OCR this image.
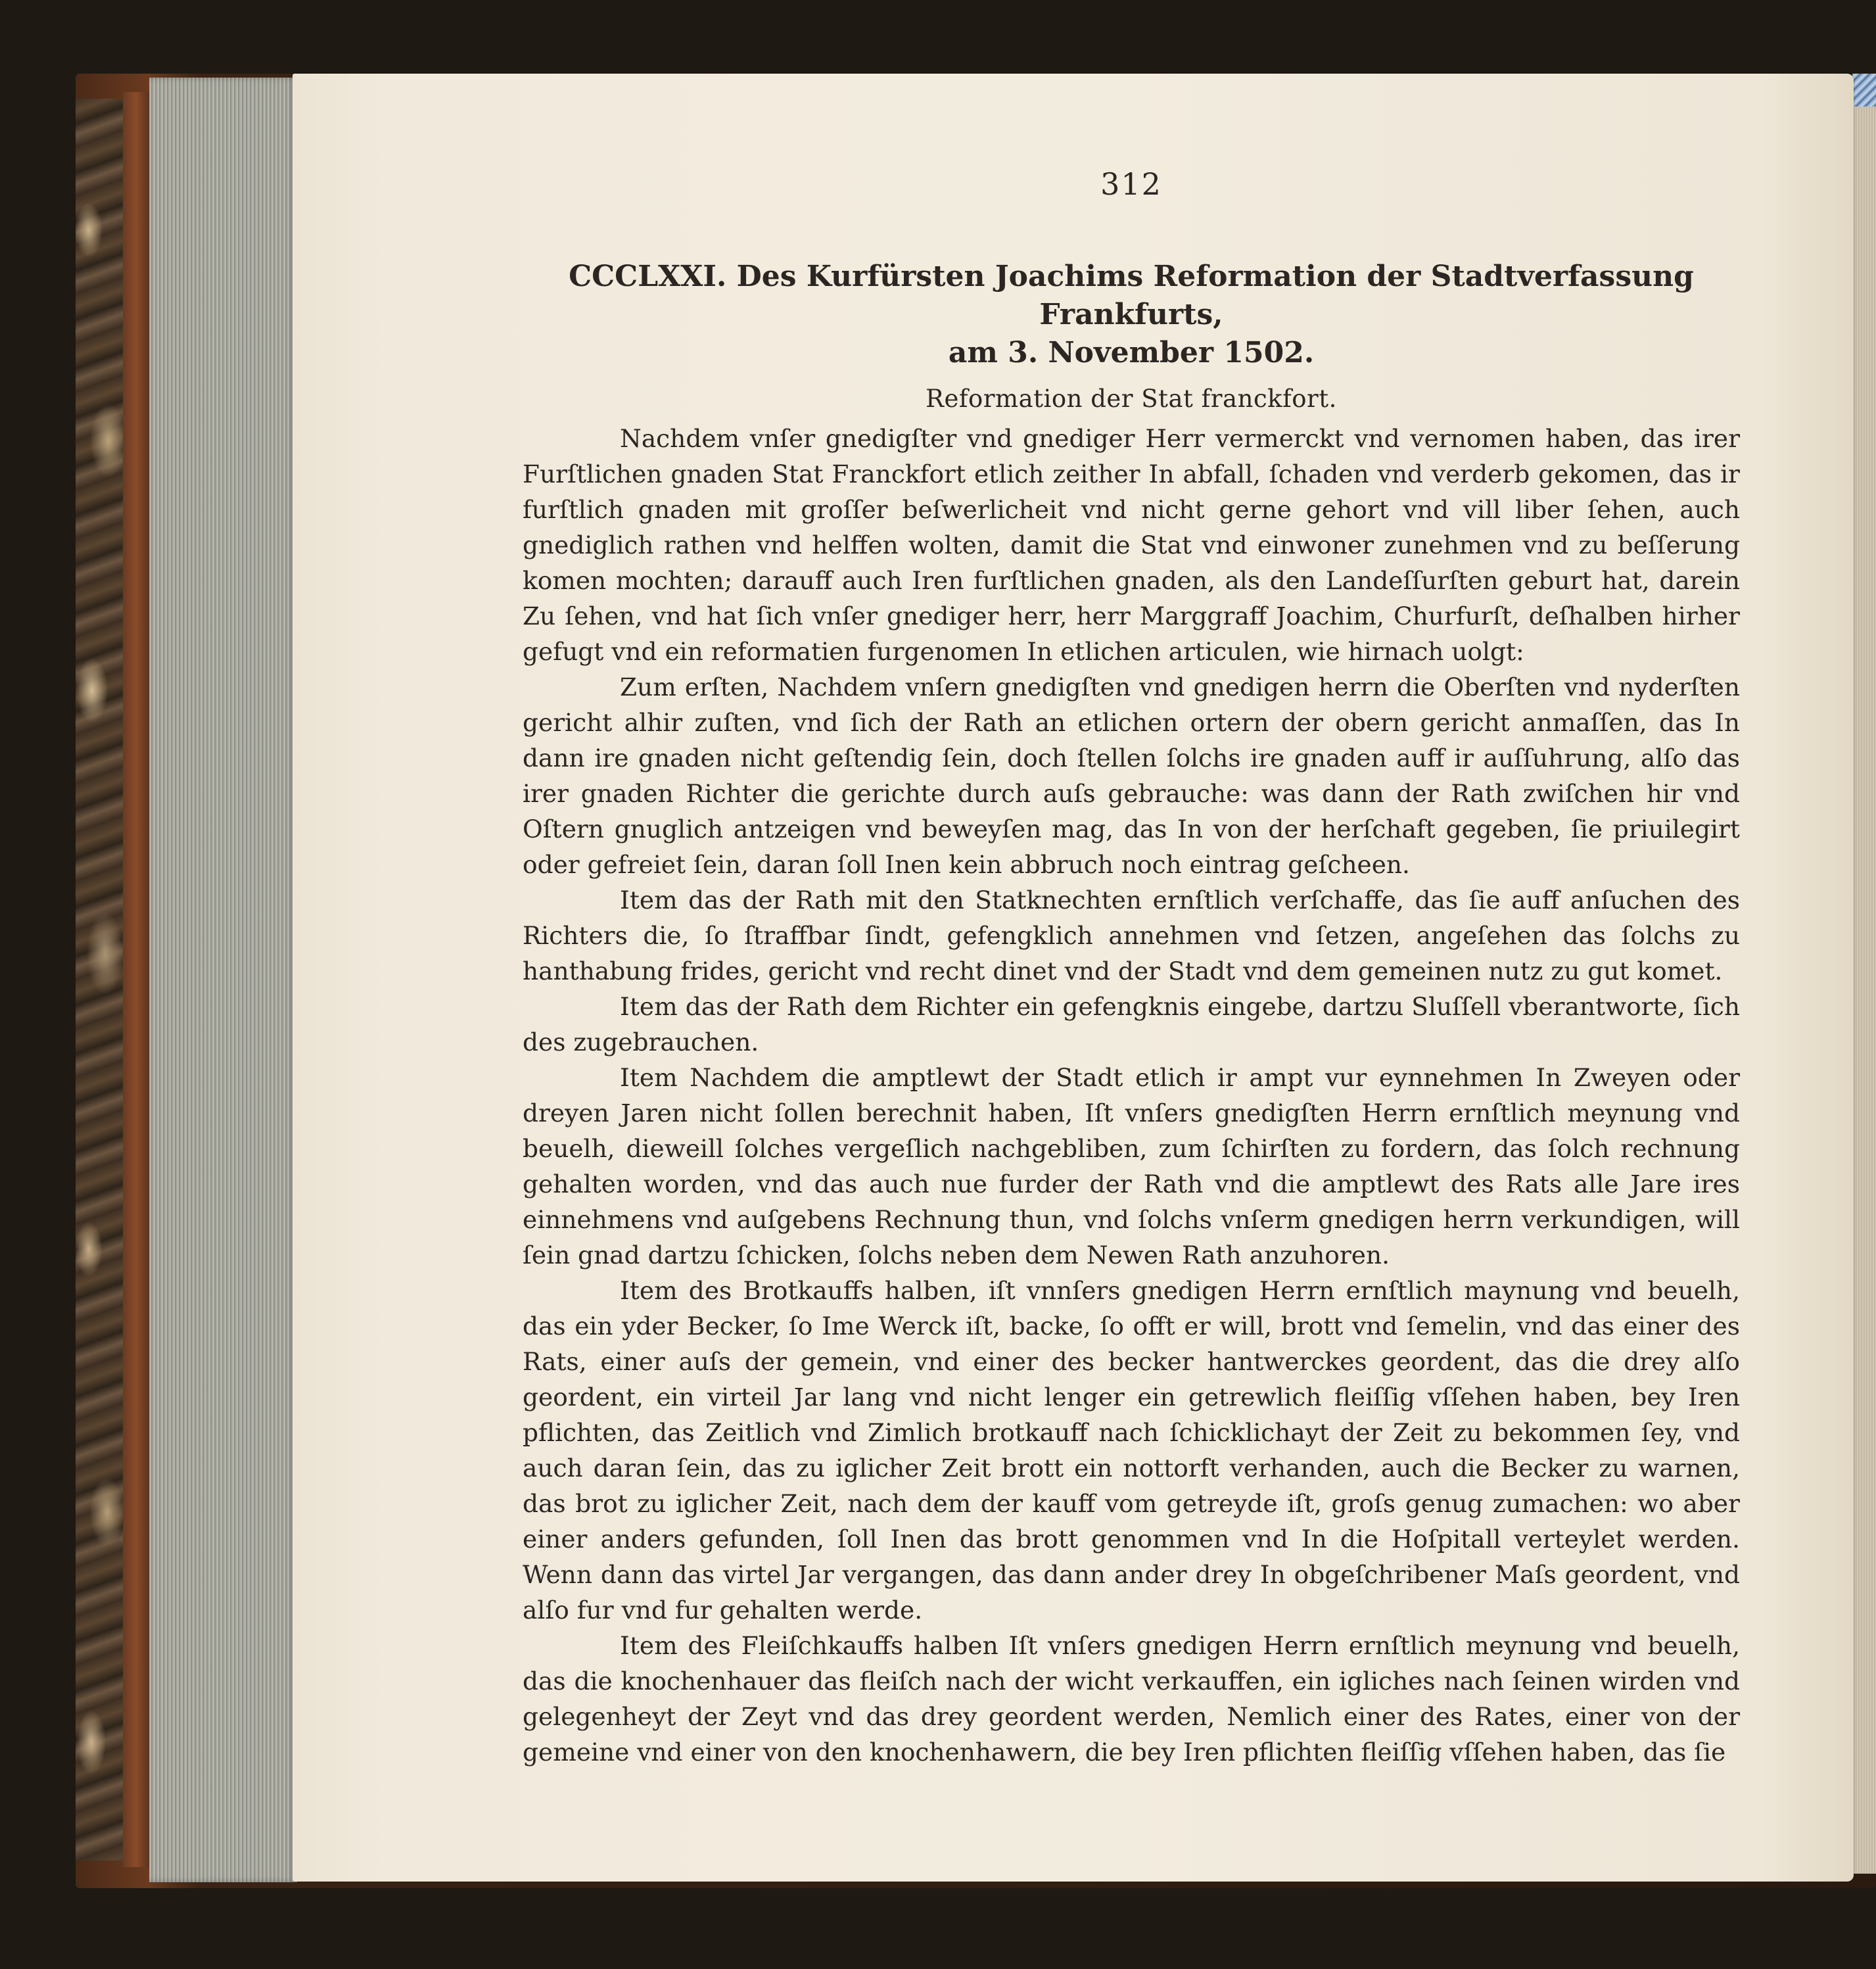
312
CCCLXXI. Des Kurfürsten Joachims Reformation der Stadtverfassung Frankfurts,
am 3. November 1502.
Reformation der Stat franckfort.

Nachdem vnſer gnedigſter vnd gnediger Herr vermerckt vnd vernomen haben, das irer Furſtlichen gnaden Stat Franckfort etlich zeither In abfall, ſchaden vnd verderb gekomen, das ir furſtlich gnaden mit groſſer beſwerlicheit vnd nicht gerne gehort vnd vill liber ſehen, auch gnediglich rathen vnd helffen wolten, damit die Stat vnd einwoner zunehmen vnd zu beſſerung komen mochten; darauff auch Iren furſtlichen gnaden, als den Landeſſurſten geburt hat, darein Zu ſehen, vnd hat ſich vnſer gnediger herr, herr Marggraff Joachim, Churfurſt, deſhalben hirher gefugt vnd ein reformatien furgenomen In etlichen articulen, wie hirnach uolgt:

Zum erſten, Nachdem vnſern gnedigſten vnd gnedigen herrn die Oberſten vnd nyderſten gericht alhir zuſten, vnd ſich der Rath an etlichen ortern der obern gericht anmaſſen, das In dann ire gnaden nicht geſtendig ſein, doch ſtellen ſolchs ire gnaden auff ir auſſuhrung, alſo das irer gnaden Richter die gerichte durch auſs gebrauche: was dann der Rath zwiſchen hir vnd Oſtern gnuglich antzeigen vnd beweyſen mag, das In von der herſchaft gegeben, ſie priuilegirt oder gefreiet ſein, daran ſoll Inen kein abbruch noch eintrag geſcheen.

Item das der Rath mit den Statknechten ernſtlich verſchaffe, das ſie auff anſuchen des Richters die, ſo ſtraffbar ſindt, gefengklich annehmen vnd ſetzen, angeſehen das ſolchs zu hanthabung frides, gericht vnd recht dinet vnd der Stadt vnd dem gemeinen nutz zu gut komet.

Item das der Rath dem Richter ein gefengknis eingebe, dartzu Sluſſell vberantworte, ſich des zugebrauchen.

Item Nachdem die amptlewt der Stadt etlich ir ampt vur eynnehmen In Zweyen oder dreyen Jaren nicht ſollen berechnit haben, Iſt vnſers gnedigſten Herrn ernſtlich meynung vnd beuelh, dieweill ſolches vergeſlich nachgebliben, zum ſchirſten zu fordern, das ſolch rechnung gehalten worden, vnd das auch nue furder der Rath vnd die amptlewt des Rats alle Jare ires einnehmens vnd auſgebens Rechnung thun, vnd ſolchs vnſerm gnedigen herrn verkundigen, will ſein gnad dartzu ſchicken, ſolchs neben dem Newen Rath anzuhoren.

Item des Brotkauffs halben, iſt vnnſers gnedigen Herrn ernſtlich maynung vnd beuelh, das ein yder Becker, ſo Ime Werck iſt, backe, ſo offt er will, brott vnd ſemelin, vnd das einer des Rats, einer auſs der gemein, vnd einer des becker hantwerckes geordent, das die drey alſo geordent, ein virteil Jar lang vnd nicht lenger ein getrewlich fleiſſig vſſehen haben, bey Iren pflichten, das Zeitlich vnd Zimlich brotkauff nach ſchicklichayt der Zeit zu bekommen ſey, vnd auch daran ſein, das zu iglicher Zeit brott ein nottorft verhanden, auch die Becker zu warnen, das brot zu iglicher Zeit, nach dem der kauff vom getreyde iſt, groſs genug zumachen: wo aber einer anders gefunden, ſoll Inen das brott genommen vnd In die Hoſpitall verteylet werden. Wenn dann das virtel Jar vergangen, das dann ander drey In obgeſchribener Maſs geordent, vnd alſo fur vnd fur gehalten werde.

Item des Fleiſchkauffs halben Iſt vnſers gnedigen Herrn ernſtlich meynung vnd beuelh, das die knochenhauer das fleiſch nach der wicht verkauffen, ein igliches nach ſeinen wirden vnd gelegenheyt der Zeyt vnd das drey geordent werden, Nemlich einer des Rates, einer von der gemeine vnd einer von den knochenhawern, die bey Iren pflichten fleiſſig vſſehen haben, das ſie
